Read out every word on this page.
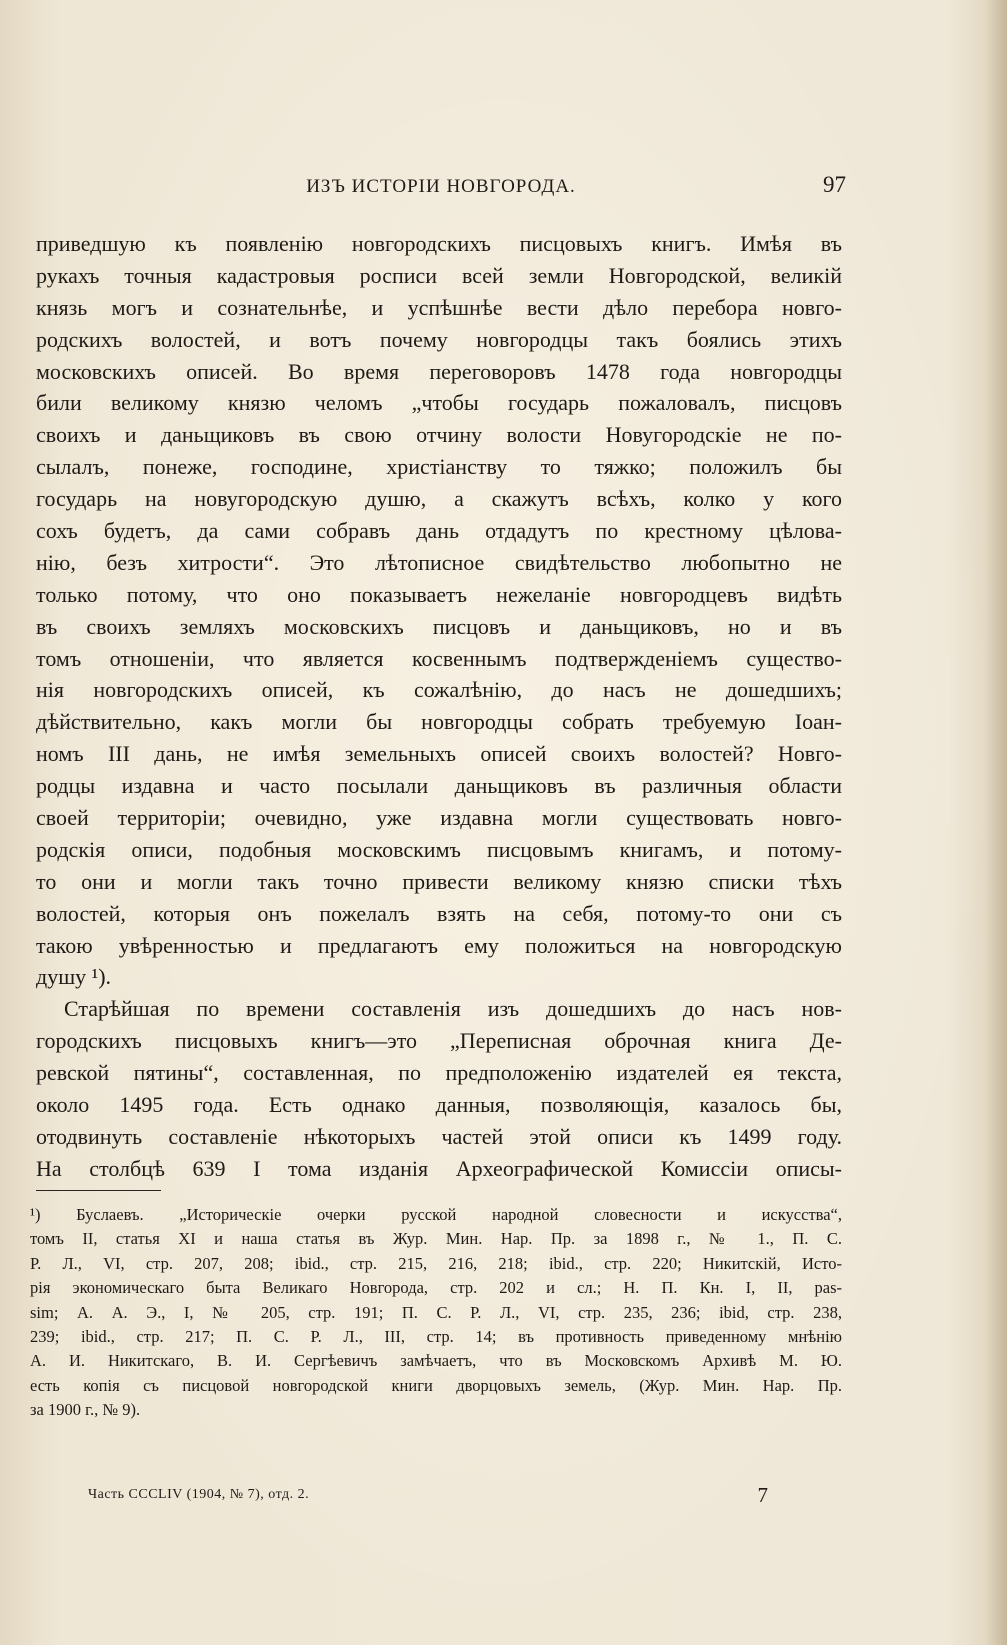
ИЗЪ ИСТОРІИ НОВГОРОДА.	97
приведшую къ появленію новгородскихъ писцовыхъ книгъ. Имѣя въ
рукахъ точныя кадастровыя росписи всей земли Новгородской, великій
князь могъ и сознательнѣе, и успѣшнѣе вести дѣло перебора новго-
родскихъ волостей, и вотъ почему новгородцы такъ боялись этихъ
московскихъ описей. Во время переговоровъ 1478 года новгородцы
били великому князю челомъ „чтобы государь пожаловалъ, писцовъ
своихъ и даньщиковъ въ свою отчину волости Новугородскіе не по-
сылалъ, понеже, господине, христіанству то тяжко; положилъ бы
государь на новугородскую душю, а скажутъ всѣхъ, колко у кого
сохъ будетъ, да сами собравъ дань отдадутъ по крестному цѣлова-
нію, безъ хитрости“. Это лѣтописное свидѣтельство любопытно не
только потому, что оно показываетъ нежеланіе новгородцевъ видѣть
въ своихъ земляхъ московскихъ писцовъ и даньщиковъ, но и въ
томъ отношеніи, что является косвеннымъ подтвержденіемъ существо-
нія новгородскихъ описей, къ сожалѣнію, до насъ не дошедшихъ;
дѣйствительно, какъ могли бы новгородцы собрать требуемую Іоан-
номъ III дань, не имѣя земельныхъ описей своихъ волостей? Новго-
родцы издавна и часто посылали даньщиковъ въ различныя области
своей территоріи; очевидно, уже издавна могли существовать новго-
родскія описи, подобныя московскимъ писцовымъ книгамъ, и потому-
то они и могли такъ точно привести великому князю списки тѣхъ
волостей, которыя онъ пожелалъ взять на себя, потому-то они съ
такою увѣренностью и предлагаютъ ему положиться на новгородскую
душу ¹).
Старѣйшая по времени составленія изъ дошедшихъ до насъ нов-
городскихъ писцовыхъ книгъ—это „Переписная оброчная книга Де-
ревской пятины“, составленная, по предположенію издателей ея текста,
около 1495 года. Есть однако данныя, позволяющія, казалось бы,
отодвинуть составленіе нѣкоторыхъ частей этой описи къ 1499 году.
На столбцѣ 639 I тома изданія Археографической Комиссіи описы-
¹) Буслаевъ. „Историческіе очерки русской народной словесности и искусства“,
томъ II, статья XI и наша статья въ Жур. Мин. Нар. Пр. за 1898 г., № 1., П. С.
Р. Л., VI, стр. 207, 208; ibid., стр. 215, 216, 218; ibid., стр. 220; Никитскій, Исто-
рія экономическаго быта Великаго Новгорода, стр. 202 и сл.; Н. П. Кн. I, II, pas-
sim; А. А. Э., I, № 205, стр. 191; П. С. Р. Л., VI, стр. 235, 236; ibid, стр. 238,
239; ibid., стр. 217; П. С. Р. Л., III, стр. 14; въ противность приведенному мнѣнію
А. И. Никитскаго, В. И. Сергѣевичъ замѣчаетъ, что въ Московскомъ Архивѣ М. Ю.
есть копія съ писцовой новгородской книги дворцовыхъ земель, (Жур. Мин. Нар. Пр.
за 1900 г., № 9).
Часть CCCLIV (1904, № 7), отд. 2.	7
